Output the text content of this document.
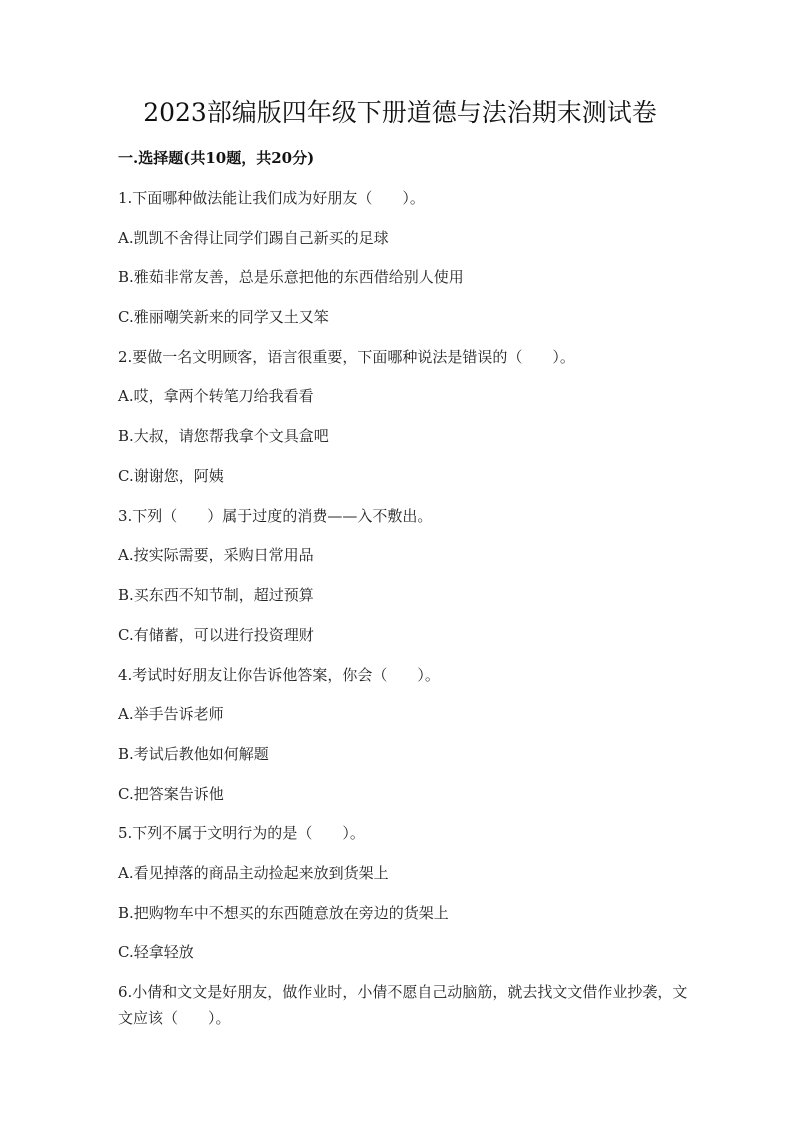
2023部编版四年级下册道德与法治期末测试卷
一.选择题(共10题，共20分)
1.下面哪种做法能让我们成为好朋友（　　）。
A.凯凯不舍得让同学们踢自己新买的足球
B.雅茹非常友善，总是乐意把他的东西借给别人使用
C.雅丽嘲笑新来的同学又土又笨
2.要做一名文明顾客，语言很重要，下面哪种说法是错误的（　　）。
A.哎，拿两个转笔刀给我看看
B.大叔，请您帮我拿个文具盒吧
C.谢谢您，阿姨
3.下列（　　）属于过度的消费——入不敷出。
A.按实际需要，采购日常用品
B.买东西不知节制，超过预算
C.有储蓄，可以进行投资理财
4.考试时好朋友让你告诉他答案，你会（　　）。
A.举手告诉老师
B.考试后教他如何解题
C.把答案告诉他
5.下列不属于文明行为的是（　　）。
A.看见掉落的商品主动捡起来放到货架上
B.把购物车中不想买的东西随意放在旁边的货架上
C.轻拿轻放
6.小倩和文文是好朋友，做作业时，小倩不愿自己动脑筋，就去找文文借作业抄袭，文文应该（　　）。
